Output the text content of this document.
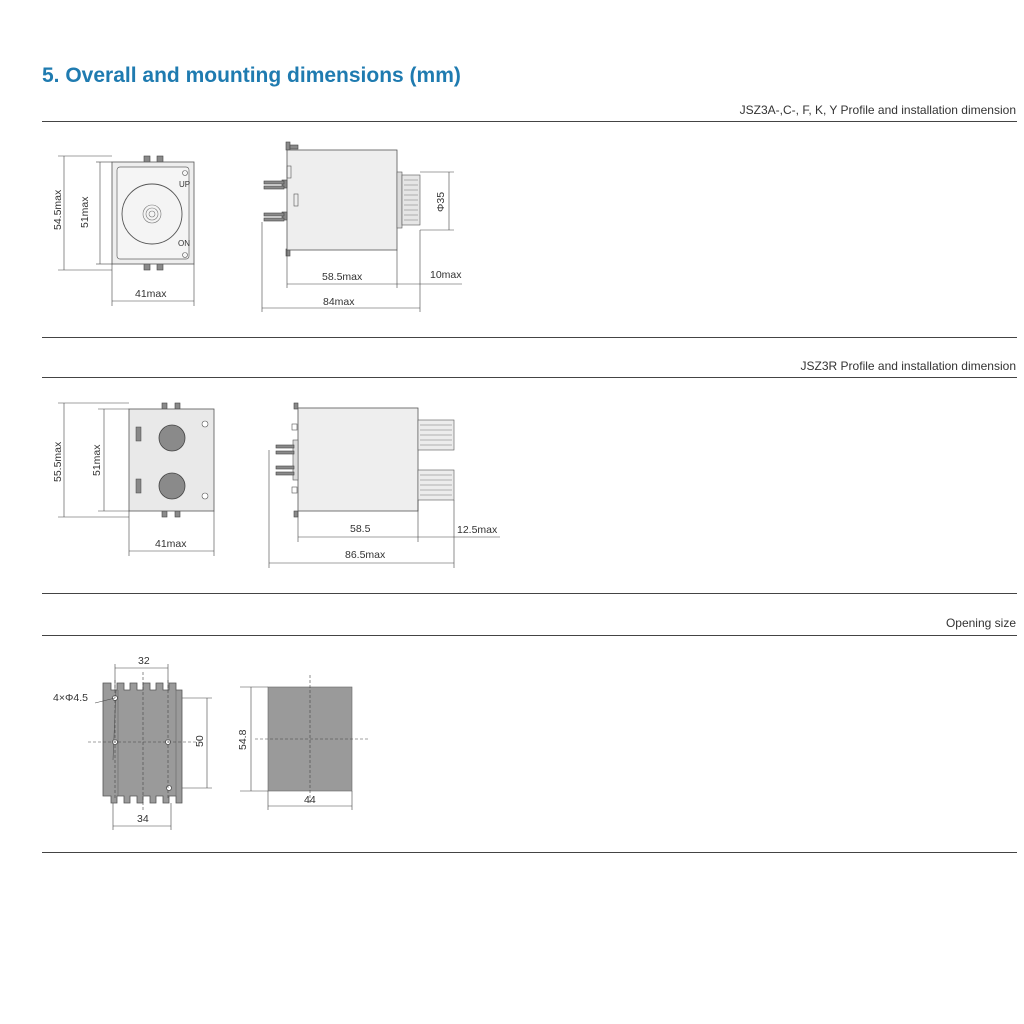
5. Overall and mounting dimensions (mm)
JSZ3A-,C-, F, K, Y Profile and installation dimension
JSZ3R Profile and installation dimension
Opening size
UP
ON
54.5max 51max
41max
Φ35
58.5max	10max
84max
55.5max	51max
41max
58.5	12.5max
86.5max
32
4×Φ4.5
50
34
54.8
44
